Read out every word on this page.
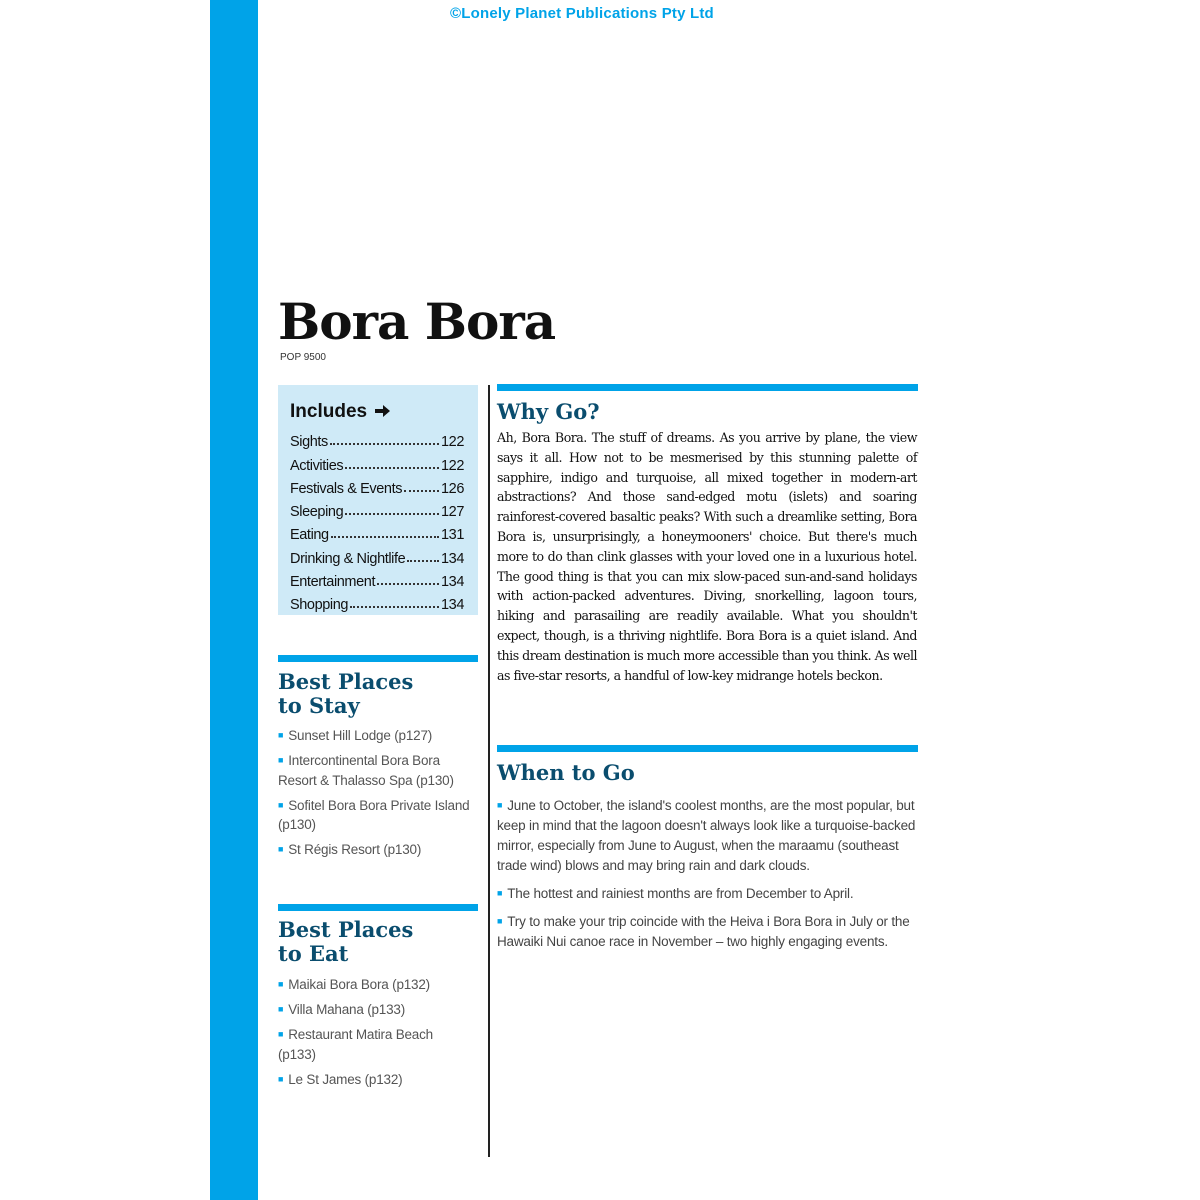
©Lonely Planet Publications Pty Ltd
Bora Bora
POP 9500
Includes
Sights	122
Activities	122
Festivals & Events	126
Sleeping	127
Eating	131
Drinking & Nightlife 134
Entertainment	134
Shopping	134
Best Places
to Stay
■ Sunset Hill Lodge (p127)
■ Intercontinental Bora Bora Resort & Thalasso Spa (p130)
■ Sofitel Bora Bora Private Island (p130)
■ St Régis Resort (p130)
Best Places
to Eat
■ Maikai Bora Bora (p132)
■ Villa Mahana (p133)
■ Restaurant Matira Beach (p133)
■ Le St James (p132)
Why Go?

Ah, Bora Bora. The stuff of dreams. As you arrive by plane, the view says it all. How not to be mesmerised by this stunning palette of sapphire, indigo and turquoise, all mixed together in modern-art abstractions? And those sand-edged motu (islets) and soaring rainforest-covered basaltic peaks? With such a dreamlike setting, Bora Bora is, unsurprisingly, a honeymooners' choice. But there's much more to do than clink glasses with your loved one in a luxurious hotel. The good thing is that you can mix slow-paced sun-and-sand holidays with action-packed adventures. Diving, snorkelling, lagoon tours, hiking and parasailing are readily available. What you shouldn't expect, though, is a thriving nightlife. Bora Bora is a quiet island. And this dream destination is much more accessible than you think. As well as five-star resorts, a handful of low-key midrange hotels beckon.

When to Go
■ June to October, the island's coolest months, are the most popular, but keep in mind that the lagoon doesn't always look like a turquoise-backed mirror, especially from June to August, when the maraamu (southeast trade wind) blows and may bring rain and dark clouds.
■ The hottest and rainiest months are from December to April.
■ Try to make your trip coincide with the Heiva i Bora Bora in July or the Hawaiki Nui canoe race in November – two highly engaging events.
